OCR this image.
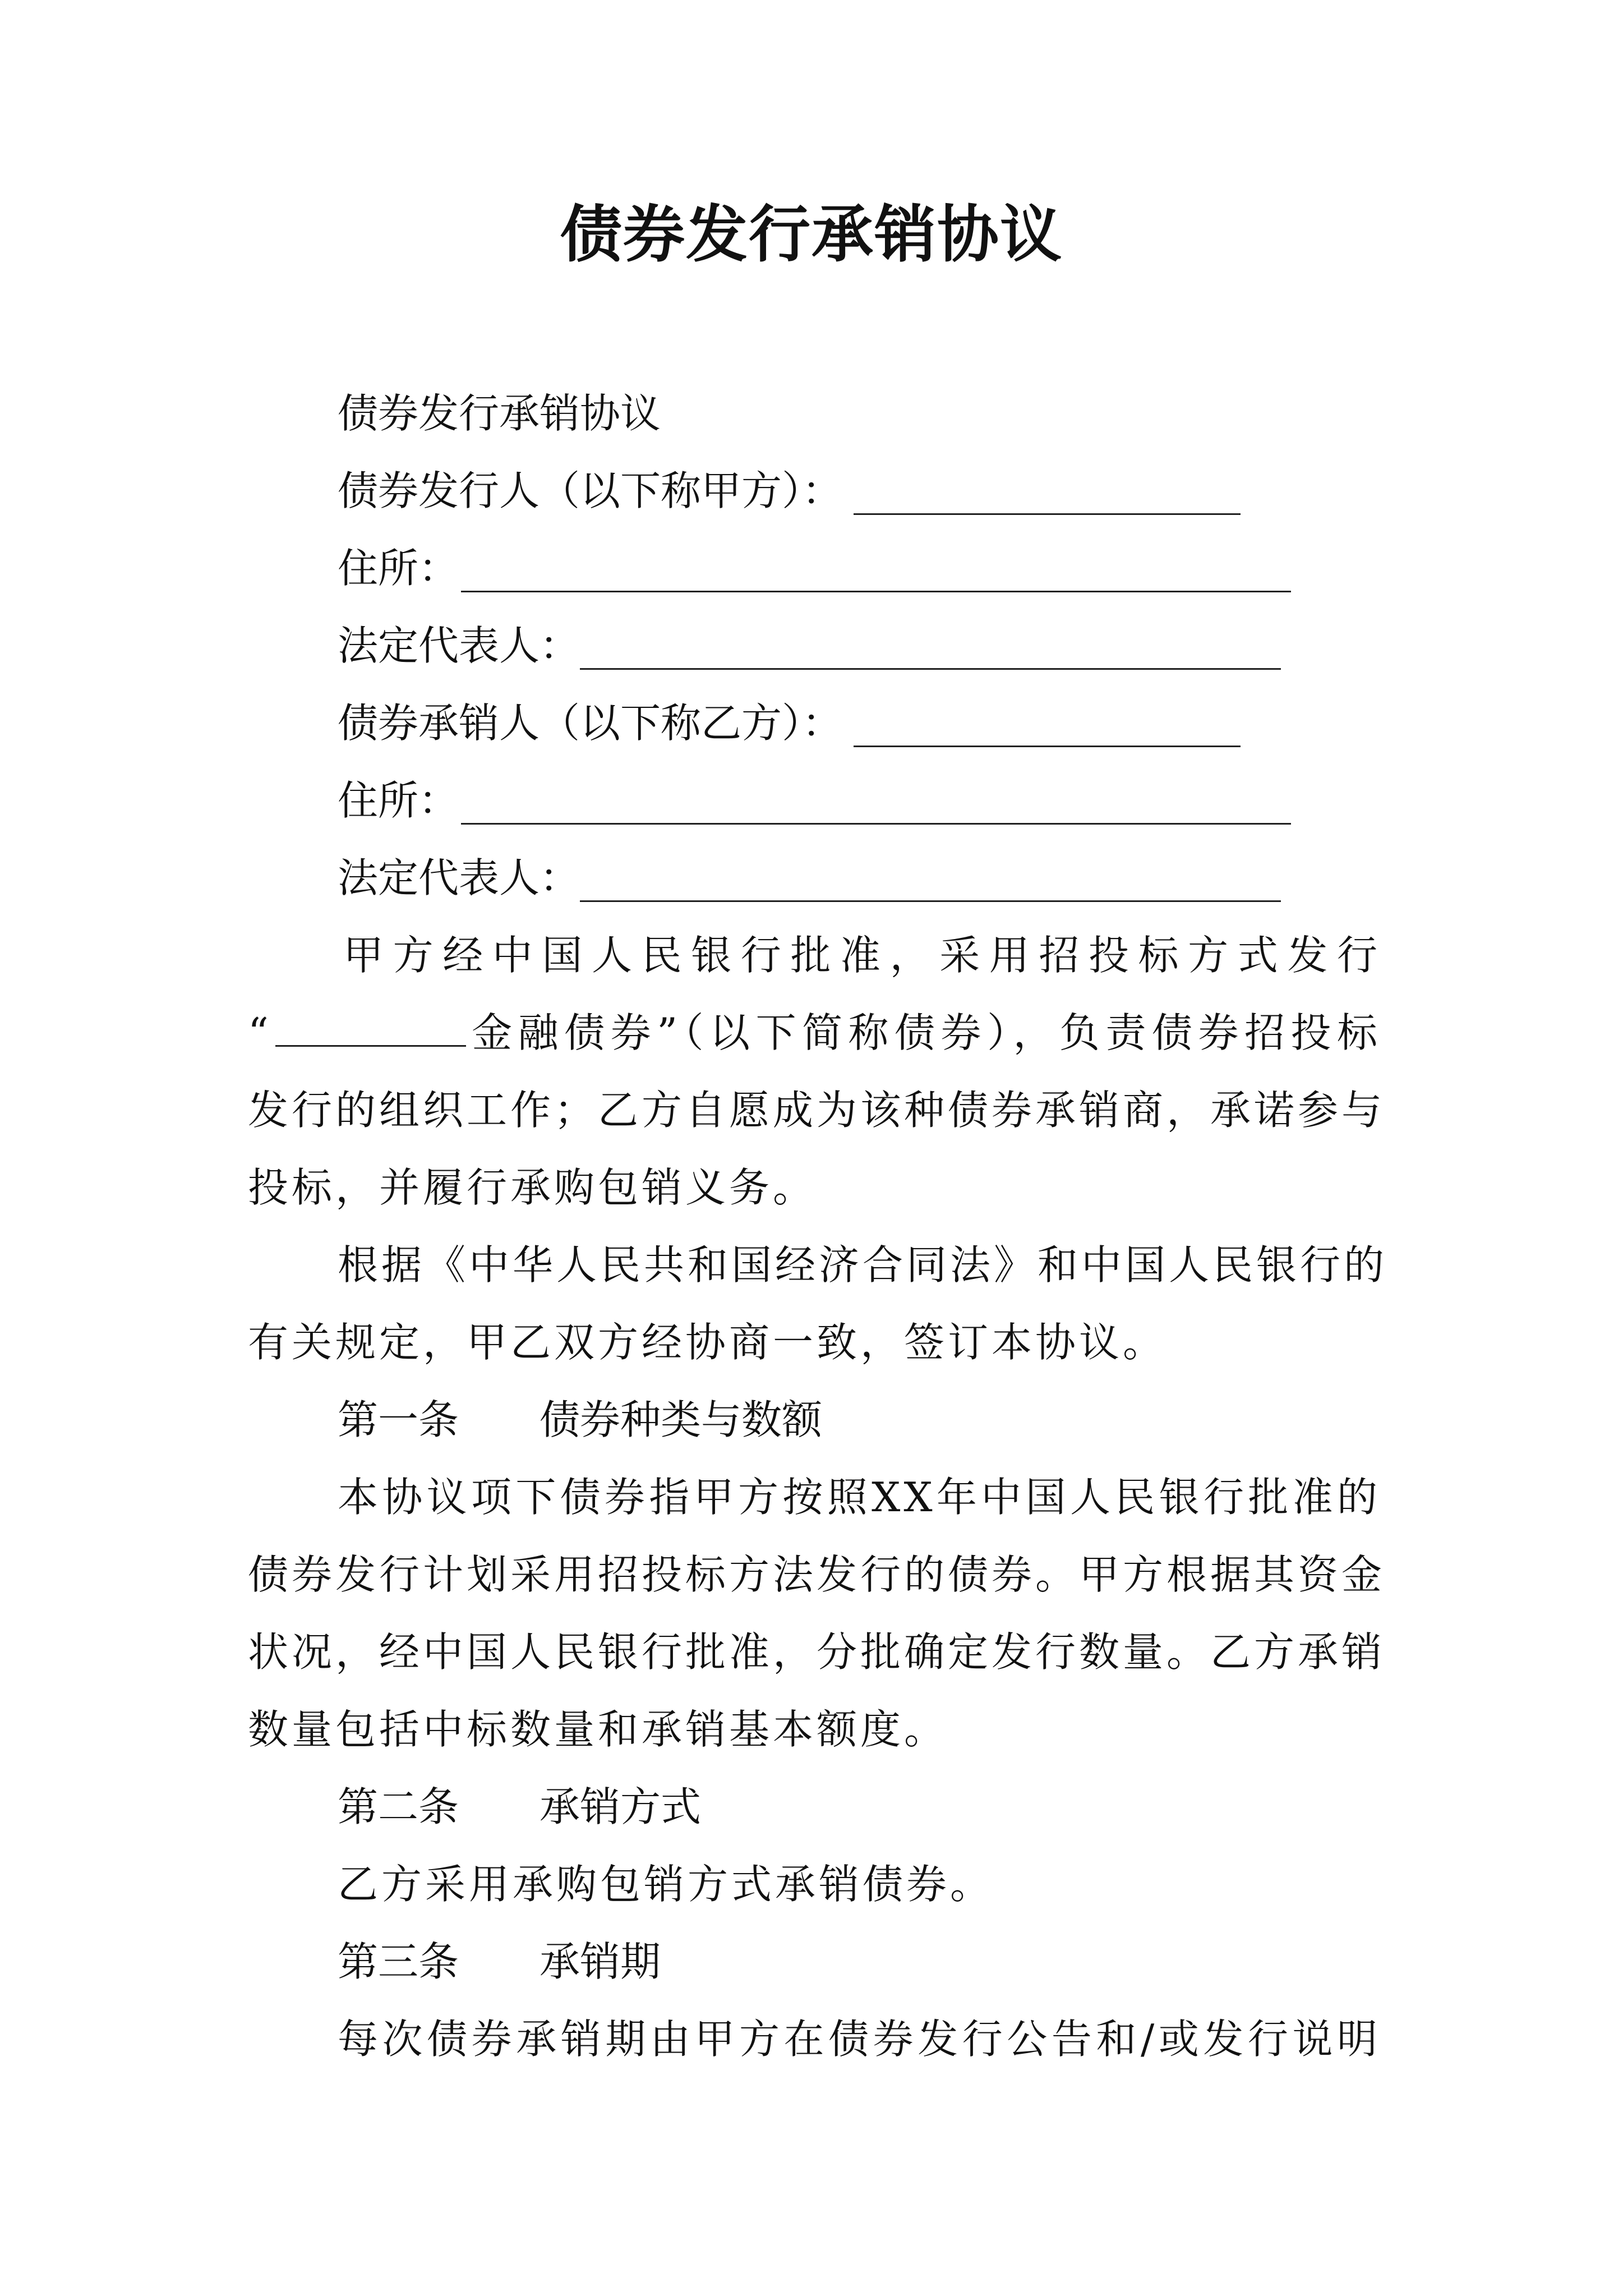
债券发行承销协议
债券发行承销协议
债券发行人（以下称甲方）：
住所：
法定代表人：
债券承销人（以下称乙方）：
住所：
法定代表人：
甲方经中国人民银行批准，采用招投标方式发行
“	金融债券”（以下简称债券），负责债券招投标
发行的组织工作；乙方自愿成为该种债券承销商，承诺参与
投标，并履行承购包销义务。
根据《中华人民共和国经济合同法》和中国人民银行的
有关规定，甲乙双方经协商一致，签订本协议。
第一条	债券种类与数额
本协议项下债券指甲方按照XX年中国人民银行批准的
债券发行计划采用招投标方法发行的债券。甲方根据其资金
状况，经中国人民银行批准，分批确定发行数量。乙方承销
数量包括中标数量和承销基本额度。
第二条	承销方式
乙方采用承购包销方式承销债券。
第三条	承销期
每次债券承销期由甲方在债券发行公告和/或发行说明
